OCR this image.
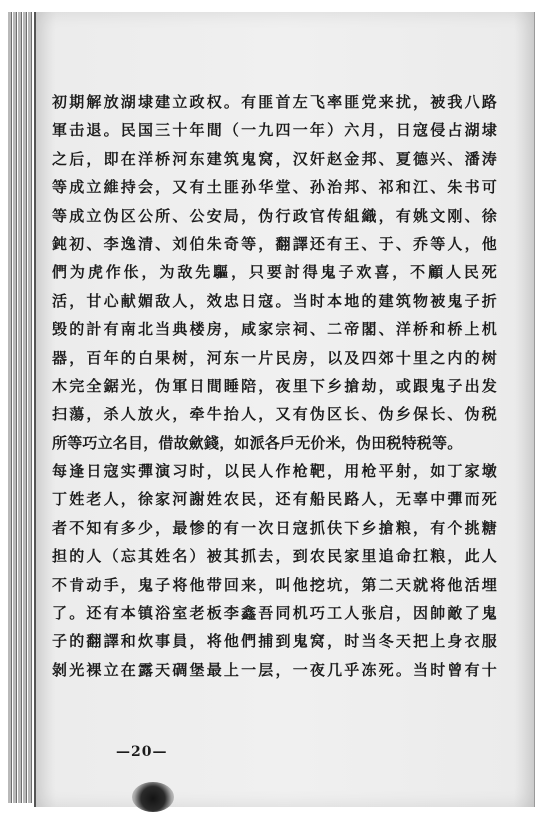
初期解放湖埭建立政权。有匪首左飞率匪党来扰，被我八路
軍击退。民国三十年間（一九四一年）六月，日寇侵占湖埭
之后，即在洋桥河东建筑鬼窝，汉奸赵金邦、夏德兴、潘涛
等成立維持会，又有土匪孙华堂、孙治邦、祁和江、朱书可
等成立伪区公所、公安局，伪行政官传組織，有姚文刚、徐
鈍初、李逸清、刘伯朱奇等，翻譯还有王、于、乔等人，他
們为虎作伥，为敌先驅，只要討得鬼子欢喜，不顧人民死
活，甘心献媚敌人，效忠日寇。当时本地的建筑物被鬼子折
毁的計有南北当典楼房，咸家宗祠、二帝閣、洋桥和桥上机
器，百年的白果树，河东一片民房，以及四郊十里之内的树
木完全鋸光，伪軍日間睡陪，夜里下乡搶劫，或跟鬼子出发
扫蕩，杀人放火，牵牛抬人，又有伪区长、伪乡保长、伪税
所等巧立名目，借故歛錢，如派各戶无价米，伪田税特税等。
每逢日寇实彈演习时，以民人作枪靶，用枪平射，如丁家墩
丁姓老人，徐家河謝姓农民，还有船民路人，无辜中彈而死
者不知有多少，最惨的有一次日寇抓伕下乡搶粮，有个挑糖
担的人（忘其姓名）被其抓去，到农民家里追命扛粮，此人
不肯动手，鬼子将他带回来，叫他挖坑，第二天就将他活埋
了。还有本镇浴室老板李鑫吾同机巧工人张启，因帥敵了鬼
子的翻譯和炊事員，将他們捕到鬼窝，时当冬天把上身衣服
剝光裸立在露天碉堡最上一层，一夜几乎冻死。当时曾有十
—20—
